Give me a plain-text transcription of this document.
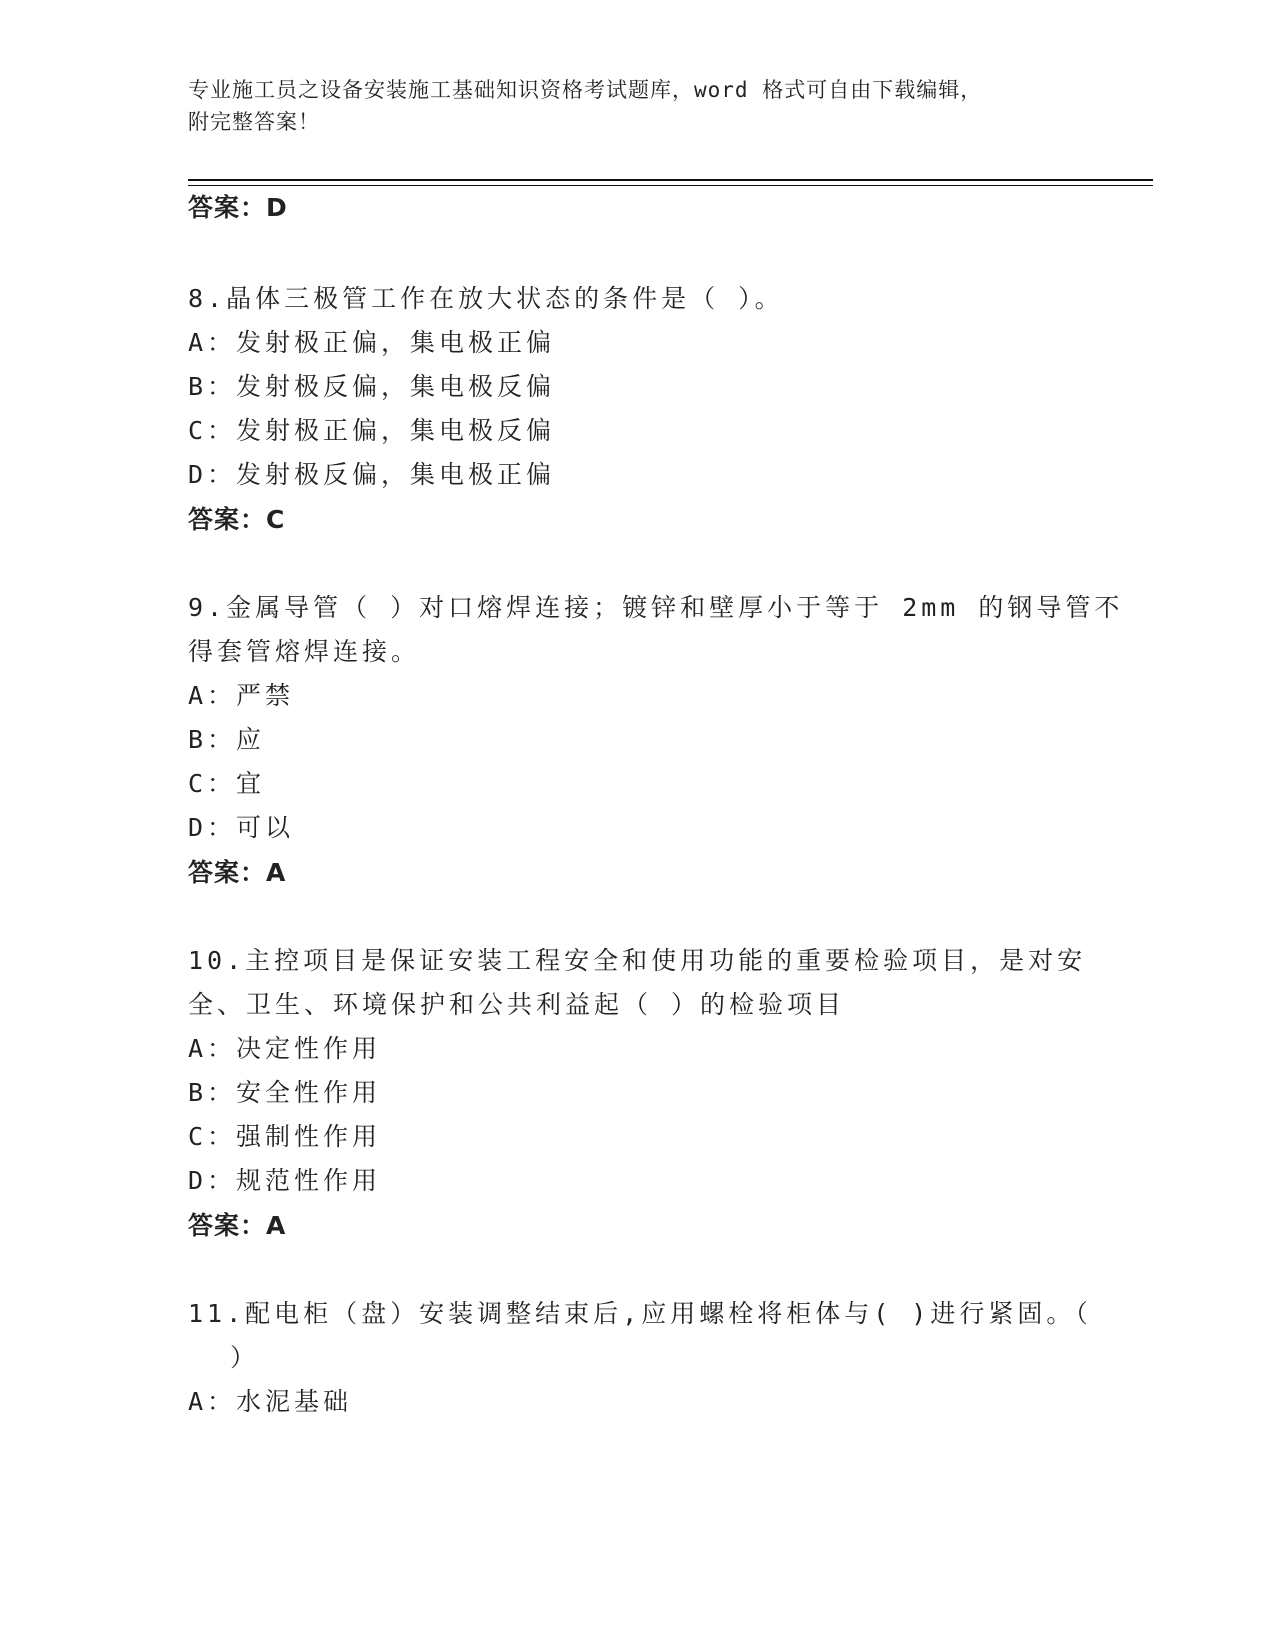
专业施工员之设备安装施工基础知识资格考试题库，word 格式可自由下载编辑，
附完整答案！
答案：D
8.晶体三极管工作在放大状态的条件是（ ）。
A：发射极正偏，集电极正偏
B：发射极反偏，集电极反偏
C：发射极正偏，集电极反偏
D：发射极反偏，集电极正偏
答案：C
9.金属导管（ ）对口熔焊连接；镀锌和壁厚小于等于 2mm 的钢导管不
得套管熔焊连接。
A：严禁
B：应
C：宜
D：可以
答案：A
10.主控项目是保证安装工程安全和使用功能的重要检验项目，是对安
全、卫生、环境保护和公共利益起（ ）的检验项目
A：决定性作用
B：安全性作用
C：强制性作用
D：规范性作用
答案：A
11.配电柜（盘）安装调整结束后,应用螺栓将柜体与( )进行紧固。（
）
A：水泥基础
